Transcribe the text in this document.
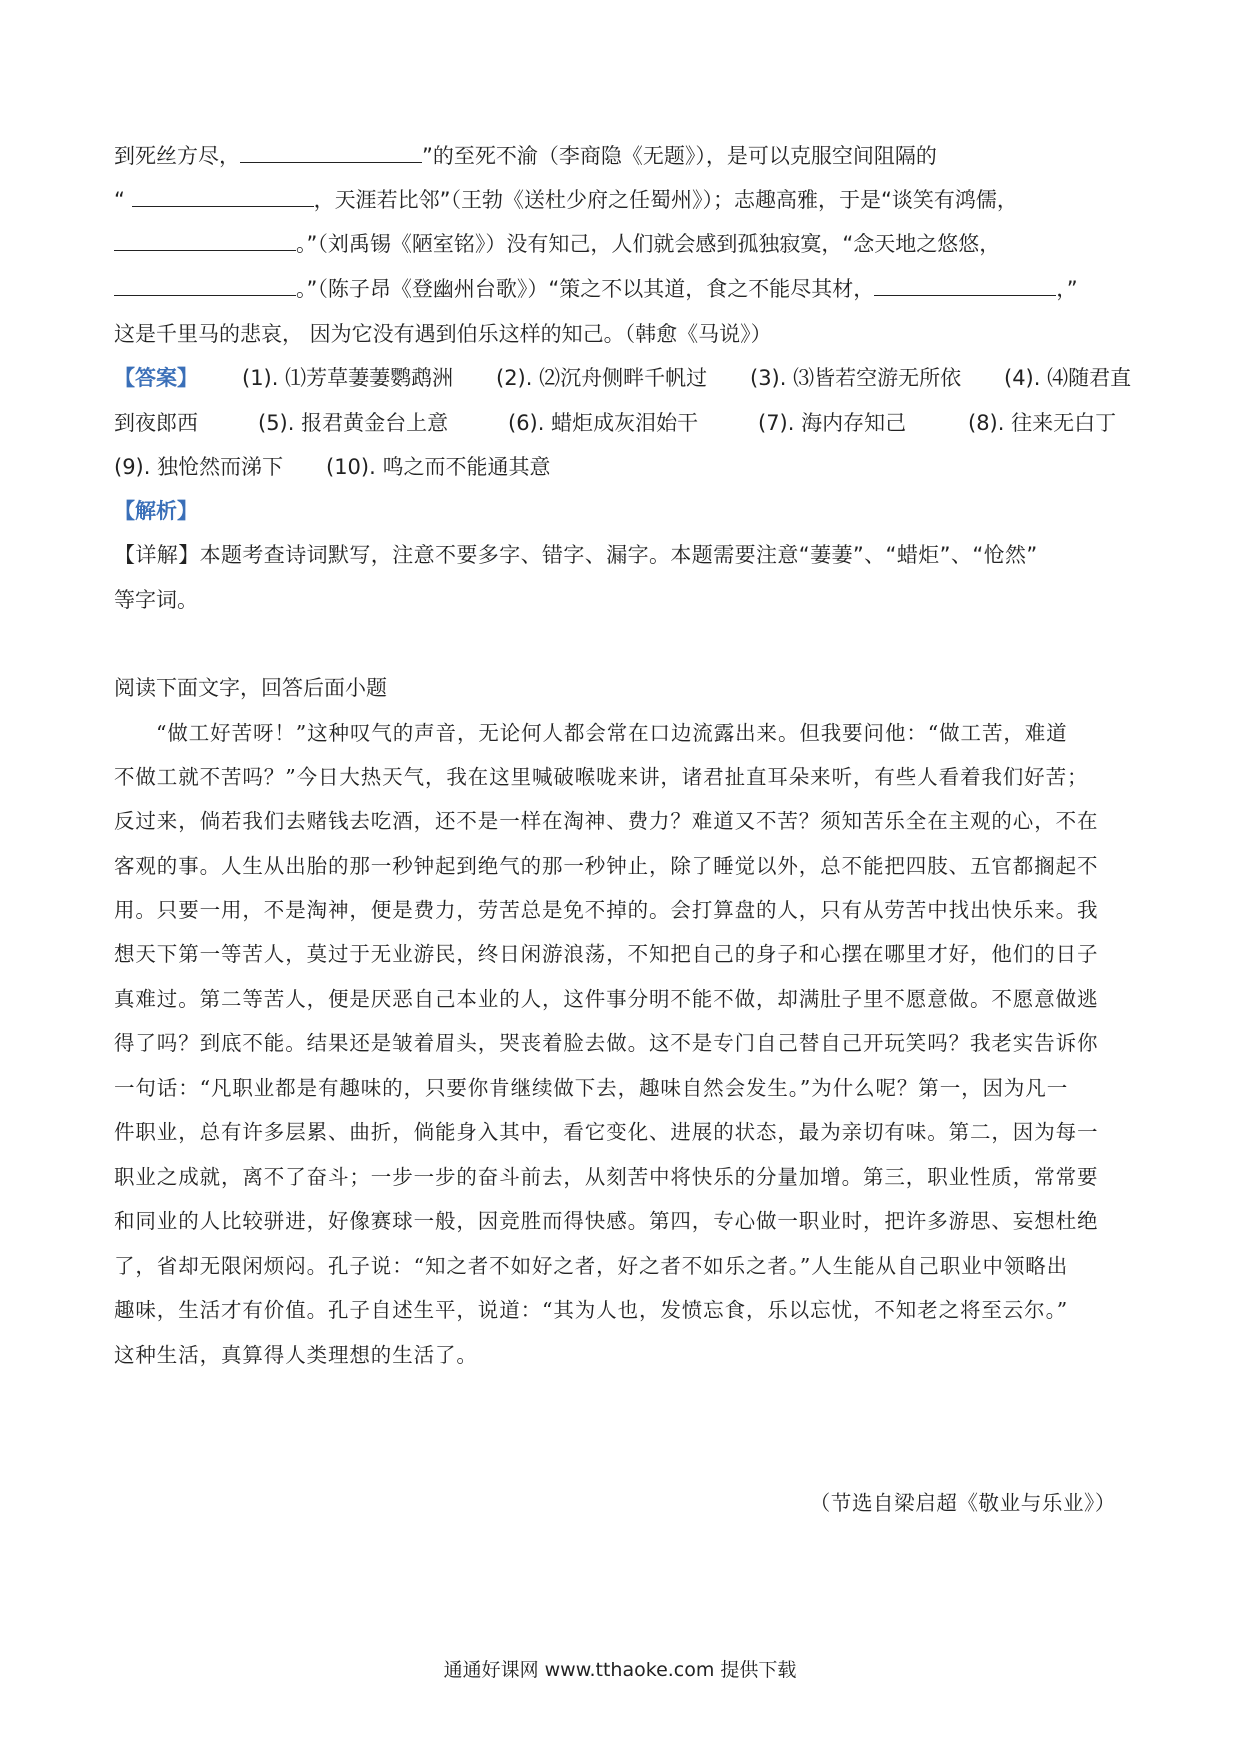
到死丝方尽，	”的至死不渝（李商隐《无题》），是可以克服空间阻隔的
“	，天涯若比邻”（王勃《送杜少府之任蜀州》）；志趣高雅，于是“谈笑有鸿儒，
。”（刘禹锡《陋室铭》）没有知己，人们就会感到孤独寂寞，“念天地之悠悠，
。”（陈子昂《登幽州台歌》）“策之不以其道，食之不能尽其材，	，”
这是千里马的悲哀， 因为它没有遇到伯乐这样的知己。（韩愈《马说》）
【答案】 (1). ⑴芳草萋萋鹦鹉洲 (2). ⑵沉舟侧畔千帆过 (3). ⑶皆若空游无所依 (4). ⑷随君直
到夜郎西	(5). 报君黄金台上意	(6). 蜡炬成灰泪始干	(7). 海内存知己	(8). 往来无白丁
(9). 独怆然而涕下 (10). 鸣之而不能通其意
【解析】
【详解】本题考查诗词默写，注意不要多字、错字、漏字。本题需要注意“萋萋”、“蜡炬”、“怆然”
等字词。
阅读下面文字，回答后面小题
“做工好苦呀！”这种叹气的声音，无论何人都会常在口边流露出来。但我要问他：“做工苦，难道
不做工就不苦吗？”今日大热天气，我在这里喊破喉咙来讲，诸君扯直耳朵来听，有些人看着我们好苦；
反过来，倘若我们去赌钱去吃酒，还不是一样在淘神、费力？难道又不苦？须知苦乐全在主观的心，不在
客观的事。人生从出胎的那一秒钟起到绝气的那一秒钟止，除了睡觉以外，总不能把四肢、五官都搁起不
用。只要一用，不是淘神，便是费力，劳苦总是免不掉的。会打算盘的人，只有从劳苦中找出快乐来。我
想天下第一等苦人，莫过于无业游民，终日闲游浪荡，不知把自己的身子和心摆在哪里才好，他们的日子
真难过。第二等苦人，便是厌恶自己本业的人，这件事分明不能不做，却满肚子里不愿意做。不愿意做逃
得了吗？到底不能。结果还是皱着眉头，哭丧着脸去做。这不是专门自己替自己开玩笑吗？我老实告诉你
一句话：“凡职业都是有趣味的，只要你肯继续做下去，趣味自然会发生。”为什么呢？第一，因为凡一
件职业，总有许多层累、曲折，倘能身入其中，看它变化、进展的状态，最为亲切有味。第二，因为每一
职业之成就，离不了奋斗；一步一步的奋斗前去，从刻苦中将快乐的分量加增。第三，职业性质，常常要
和同业的人比较骈进，好像赛球一般，因竞胜而得快感。第四，专心做一职业时，把许多游思、妄想杜绝
了，省却无限闲烦闷。孔子说：“知之者不如好之者，好之者不如乐之者。”人生能从自己职业中领略出
趣味，生活才有价值。孔子自述生平，说道：“其为人也，发愤忘食，乐以忘忧，不知老之将至云尔。”
这种生活，真算得人类理想的生活了。
（节选自梁启超《敬业与乐业》）
通通好课网 www.tthaoke.com 提供下载
